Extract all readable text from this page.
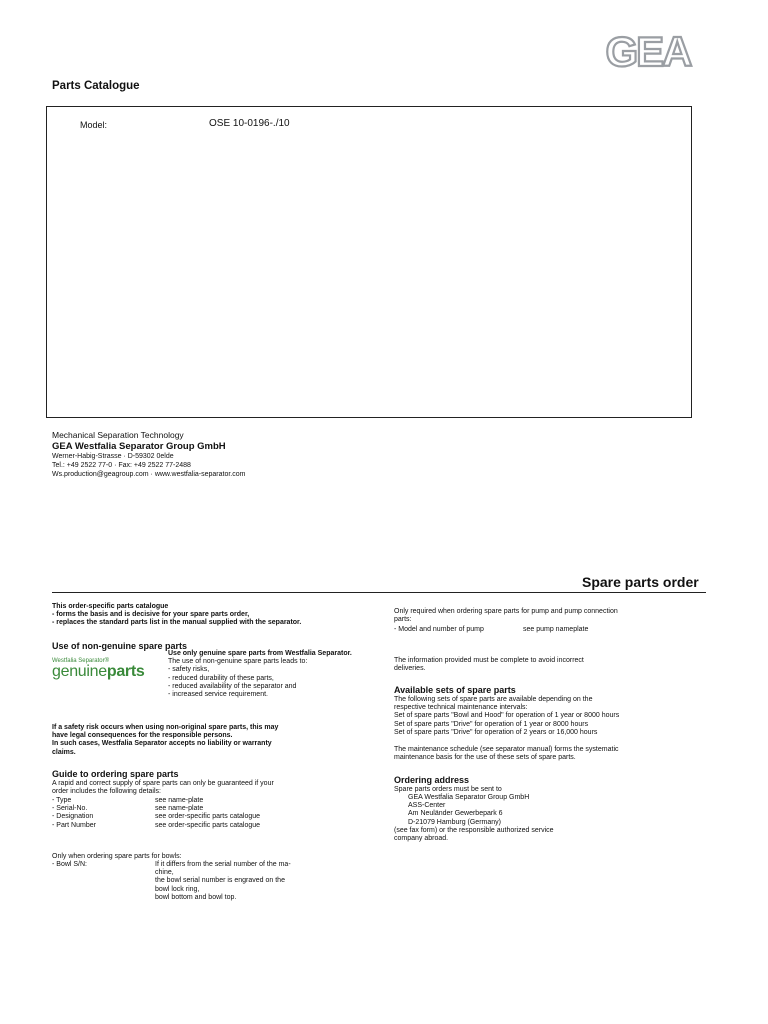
GEA
Parts Catalogue
Model:	OSE 10-0196-./10
Mechanical Separation Technology
GEA Westfalia Separator Group GmbH
Werner-Habig-Strasse · D-59302 0elde
Tel.: +49 2522 77-0 · Fax: +49 2522 77-2488
Ws.production@geagroup.com · www.westfalia-separator.com
Spare parts order
This order-specific parts catalogue
- forms the basis and is decisive for your spare parts order,
- replaces the standard parts list in the manual supplied with the separator.
Use of non-genuine spare parts
Westfalia Separator®
genuineparts
Use only genuine spare parts from Westfalia Separator.
The use of non-genuine spare parts leads to:
- safety risks,
- reduced durability of these parts,
- reduced availability of the separator and
- increased service requirement.
If a safety risk occurs when using non-original spare parts, this may
have legal consequences for the responsible persons.
In such cases, Westfalia Separator accepts no liability or warranty
claims.
Guide to ordering spare parts
A rapid and correct supply of spare parts can only be guaranteed if your
order includes the following details:
- Type	see name-plate
- Serial-No.	see name-plate
- Designation	see order-specific parts catalogue
- Part Number	see order-specific parts catalogue
Only when ordering spare parts for bowls:
- Bowl S/N:	If it differs from the serial number of the ma-
chine,
the bowl serial number is engraved on the
bowl lock ring,
bowl bottom and bowl top.
Only required when ordering spare parts for pump and pump connection
parts:
- Model and number of pump	see pump nameplate
The information provided must be complete to avoid incorrect
deliveries.
Available sets of spare parts
The following sets of spare parts are available depending on the
respective technical maintenance intervals:
Set of spare parts "Bowl and Hood" for operation of 1 year or 8000 hours
Set of spare parts "Drive" for operation of 1 year or 8000 hours
Set of spare parts "Drive" for operation of 2 years or 16,000 hours
The maintenance schedule (see separator manual) forms the systematic
maintenance basis for the use of these sets of spare parts.
Ordering address
Spare parts orders must be sent to
GEA Westfalia Separator Group GmbH
ASS-Center
Am Neuländer Gewerbepark 6
D-21079 Hamburg (Germany)
(see fax form) or the responsible authorized service
company abroad.
